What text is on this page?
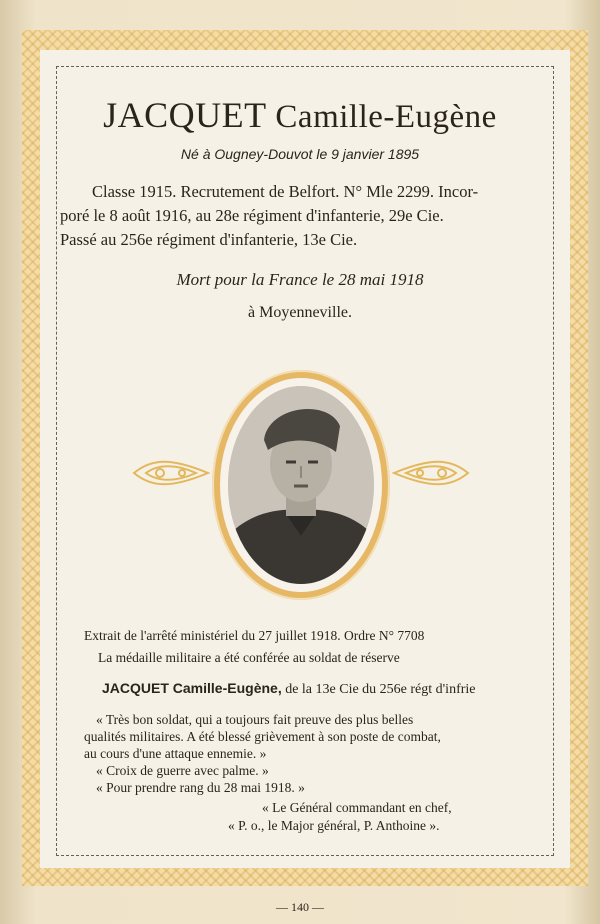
JACQUET Camille-Eugène
Né à Ougney-Douvot le 9 janvier 1895
Classe 1915. Recrutement de Belfort. N° Mle 2299. Incor-
poré le 8 août 1916, au 28e régiment d'infanterie, 29e Cie.
Passé au 256e régiment d'infanterie, 13e Cie.
Mort pour la France le 28 mai 1918
à Moyenneville.
Extrait de l'arrêté ministériel du 27 juillet 1918. Ordre N° 7708
La médaille militaire a été conférée au soldat de réserve
JACQUET Camille-Eugène, de la 13e Cie du 256e régt d'infrie
« Très bon soldat, qui a toujours fait preuve des plus belles
qualités militaires. A été blessé grièvement à son poste de combat,
au cours d'une attaque ennemie. »
« Croix de guerre avec palme. »
« Pour prendre rang du 28 mai 1918. »
« Le Général commandant en chef,
« P. o., le Major général, P. Anthoine ».
— 140 —
